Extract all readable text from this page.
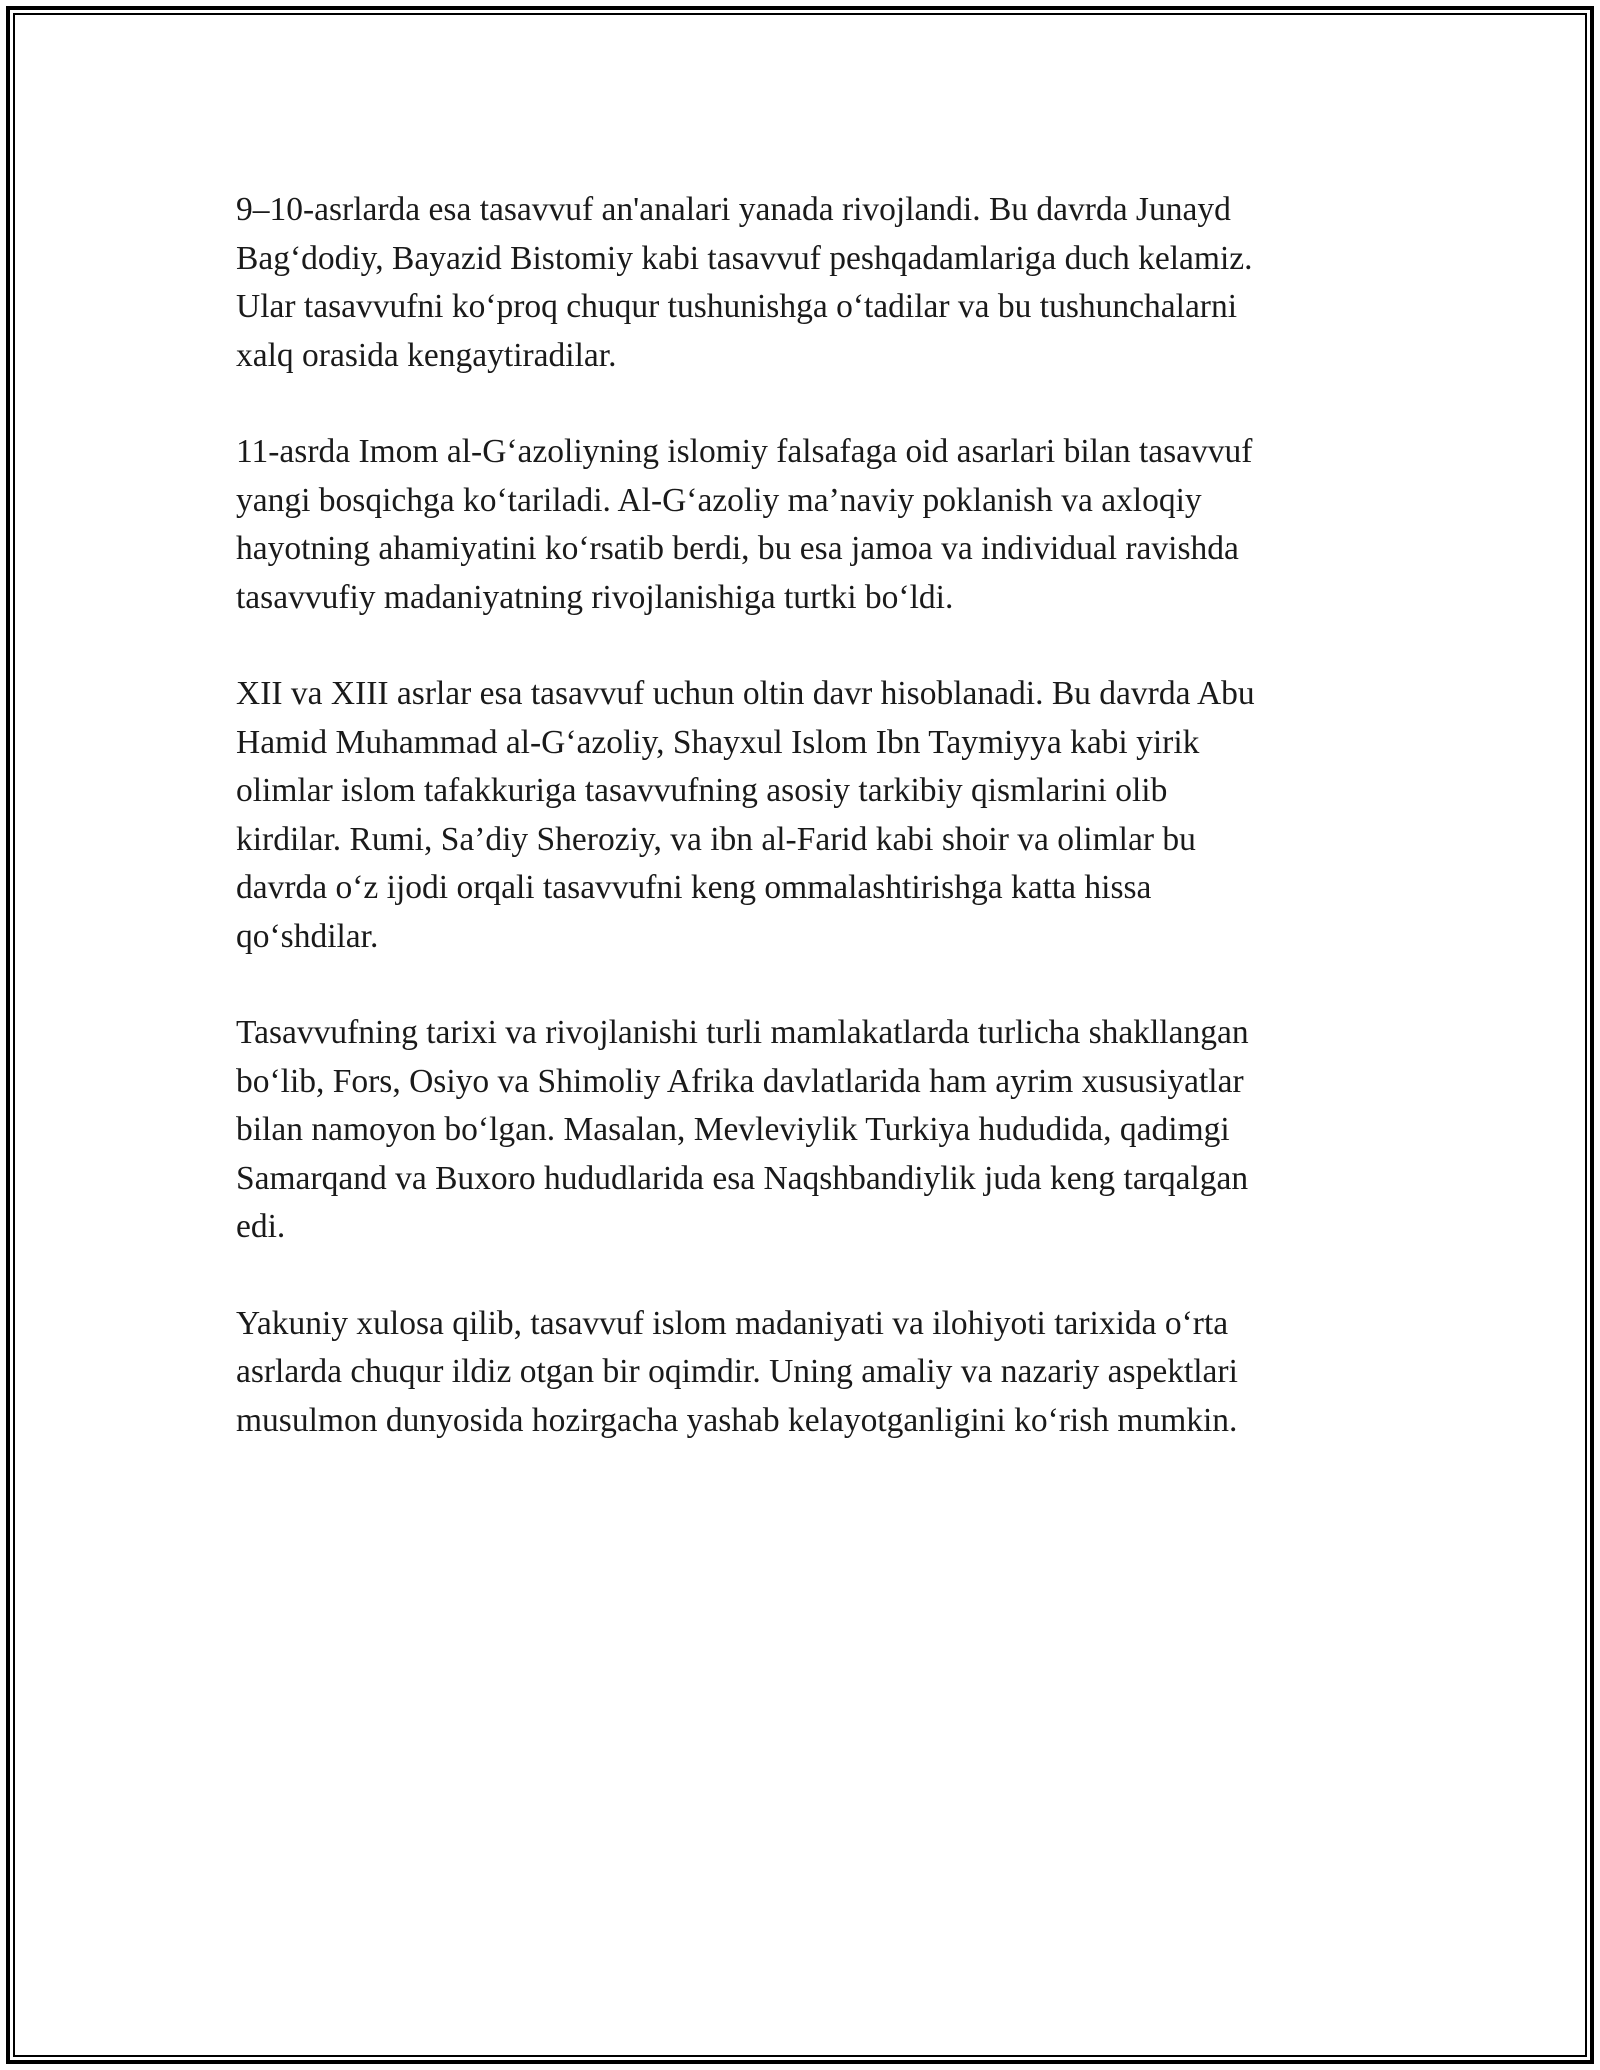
9–10-asrlarda esa tasavvuf an'analari yanada rivojlandi. Bu davrda Junayd
Bag‘dodiy, Bayazid Bistomiy kabi tasavvuf peshqadamlariga duch kelamiz.
Ular tasavvufni ko‘proq chuqur tushunishga o‘tadilar va bu tushunchalarni
xalq orasida kengaytiradilar.

11-asrda Imom al-G‘azoliyning islomiy falsafaga oid asarlari bilan tasavvuf
yangi bosqichga ko‘tariladi. Al-G‘azoliy ma’naviy poklanish va axloqiy
hayotning ahamiyatini ko‘rsatib berdi, bu esa jamoa va individual ravishda
tasavvufiy madaniyatning rivojlanishiga turtki bo‘ldi.

XII va XIII asrlar esa tasavvuf uchun oltin davr hisoblanadi. Bu davrda Abu
Hamid Muhammad al-G‘azoliy, Shayxul Islom Ibn Taymiyya kabi yirik
olimlar islom tafakkuriga tasavvufning asosiy tarkibiy qismlarini olib
kirdilar. Rumi, Sa’diy Sheroziy, va ibn al-Farid kabi shoir va olimlar bu
davrda o‘z ijodi orqali tasavvufni keng ommalashtirishga katta hissa
qo‘shdilar.

Tasavvufning tarixi va rivojlanishi turli mamlakatlarda turlicha shakllangan
bo‘lib, Fors, Osiyo va Shimoliy Afrika davlatlarida ham ayrim xususiyatlar
bilan namoyon bo‘lgan. Masalan, Mevleviylik Turkiya hududida, qadimgi
Samarqand va Buxoro hududlarida esa Naqshbandiylik juda keng tarqalgan
edi.

Yakuniy xulosa qilib, tasavvuf islom madaniyati va ilohiyoti tarixida o‘rta
asrlarda chuqur ildiz otgan bir oqimdir. Uning amaliy va nazariy aspektlari
musulmon dunyosida hozirgacha yashab kelayotganligini ko‘rish mumkin.
